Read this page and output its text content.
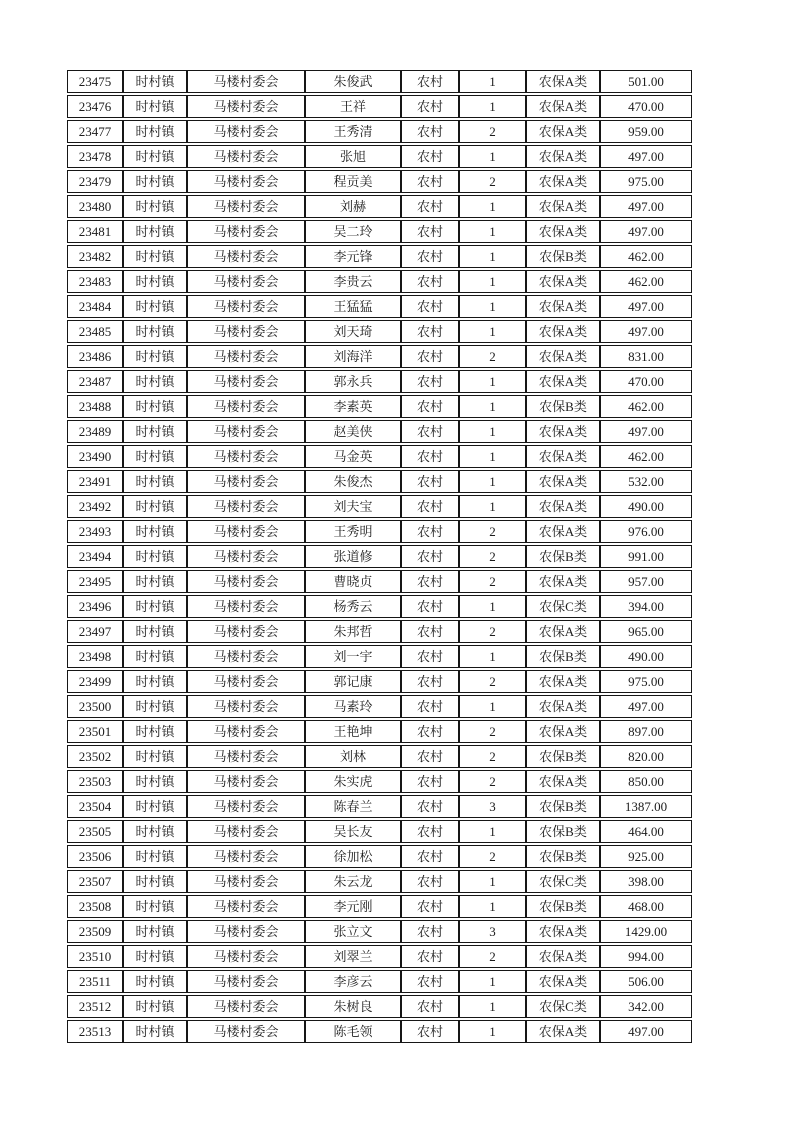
23475	时村镇	马楼村委会	朱俊武	农村	1	农保A类	501.00
23476	时村镇	马楼村委会	王祥	农村	1	农保A类	470.00
23477	时村镇	马楼村委会	王秀清	农村	2	农保A类	959.00
23478	时村镇	马楼村委会	张旭	农村	1	农保A类	497.00
23479	时村镇	马楼村委会	程贡美	农村	2	农保A类	975.00
23480	时村镇	马楼村委会	刘赫	农村	1	农保A类	497.00
23481	时村镇	马楼村委会	吴二玲	农村	1	农保A类	497.00
23482	时村镇	马楼村委会	李元锋	农村	1	农保B类	462.00
23483	时村镇	马楼村委会	李贵云	农村	1	农保A类	462.00
23484	时村镇	马楼村委会	王猛猛	农村	1	农保A类	497.00
23485	时村镇	马楼村委会	刘天琦	农村	1	农保A类	497.00
23486	时村镇	马楼村委会	刘海洋	农村	2	农保A类	831.00
23487	时村镇	马楼村委会	郭永兵	农村	1	农保A类	470.00
23488	时村镇	马楼村委会	李素英	农村	1	农保B类	462.00
23489	时村镇	马楼村委会	赵美侠	农村	1	农保A类	497.00
23490	时村镇	马楼村委会	马金英	农村	1	农保A类	462.00
23491	时村镇	马楼村委会	朱俊杰	农村	1	农保A类	532.00
23492	时村镇	马楼村委会	刘夫宝	农村	1	农保A类	490.00
23493	时村镇	马楼村委会	王秀明	农村	2	农保A类	976.00
23494	时村镇	马楼村委会	张道修	农村	2	农保B类	991.00
23495	时村镇	马楼村委会	曹晓贞	农村	2	农保A类	957.00
23496	时村镇	马楼村委会	杨秀云	农村	1	农保C类	394.00
23497	时村镇	马楼村委会	朱邦哲	农村	2	农保A类	965.00
23498	时村镇	马楼村委会	刘一宇	农村	1	农保B类	490.00
23499	时村镇	马楼村委会	郭记康	农村	2	农保A类	975.00
23500	时村镇	马楼村委会	马素玲	农村	1	农保A类	497.00
23501	时村镇	马楼村委会	王艳坤	农村	2	农保A类	897.00
23502	时村镇	马楼村委会	刘林	农村	2	农保B类	820.00
23503	时村镇	马楼村委会	朱实虎	农村	2	农保A类	850.00
23504	时村镇	马楼村委会	陈春兰	农村	3	农保B类	1387.00
23505	时村镇	马楼村委会	吴长友	农村	1	农保B类	464.00
23506	时村镇	马楼村委会	徐加松	农村	2	农保B类	925.00
23507	时村镇	马楼村委会	朱云龙	农村	1	农保C类	398.00
23508	时村镇	马楼村委会	李元刚	农村	1	农保B类	468.00
23509	时村镇	马楼村委会	张立文	农村	3	农保A类	1429.00
23510	时村镇	马楼村委会	刘翠兰	农村	2	农保A类	994.00
23511	时村镇	马楼村委会	李彦云	农村	1	农保A类	506.00
23512	时村镇	马楼村委会	朱树良	农村	1	农保C类	342.00
23513	时村镇	马楼村委会	陈毛领	农村	1	农保A类	497.00
